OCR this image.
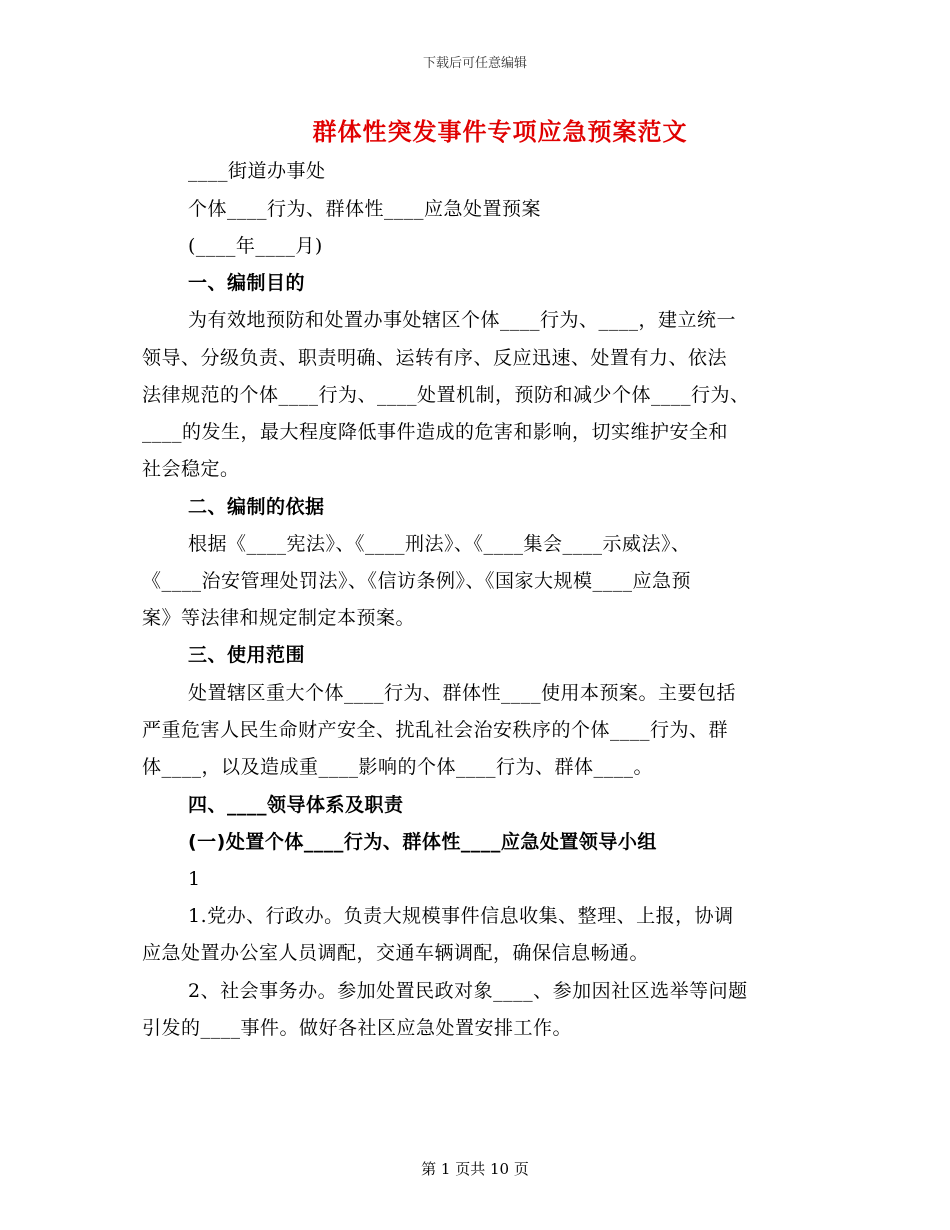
下载后可任意编辑
群体性突发事件专项应急预案范文
____街道办事处
个体____行为、群体性____应急处置预案
(____年____月)
一、编制目的
为有效地预防和处置办事处辖区个体____行为、____，建立统一
领导、分级负责、职责明确、运转有序、反应迅速、处置有力、依法
法律规范的个体____行为、____处置机制，预防和减少个体____行为、
____的发生，最大程度降低事件造成的危害和影响，切实维护安全和
社会稳定。
二、编制的依据
根据《____宪法》、《____刑法》、《____集会____示威法》、
《____治安管理处罚法》、《信访条例》、《国家大规模____应急预
案》等法律和规定制定本预案。
三、使用范围
处置辖区重大个体____行为、群体性____使用本预案。主要包括
严重危害人民生命财产安全、扰乱社会治安秩序的个体____行为、群
体____，以及造成重____影响的个体____行为、群体____。
四、____领导体系及职责
(一)处置个体____行为、群体性____应急处置领导小组
1
1.党办、行政办。负责大规模事件信息收集、整理、上报，协调
应急处置办公室人员调配，交通车辆调配，确保信息畅通。
2、社会事务办。参加处置民政对象____、参加因社区选举等问题
引发的____事件。做好各社区应急处置安排工作。
第 1 页共 10 页
